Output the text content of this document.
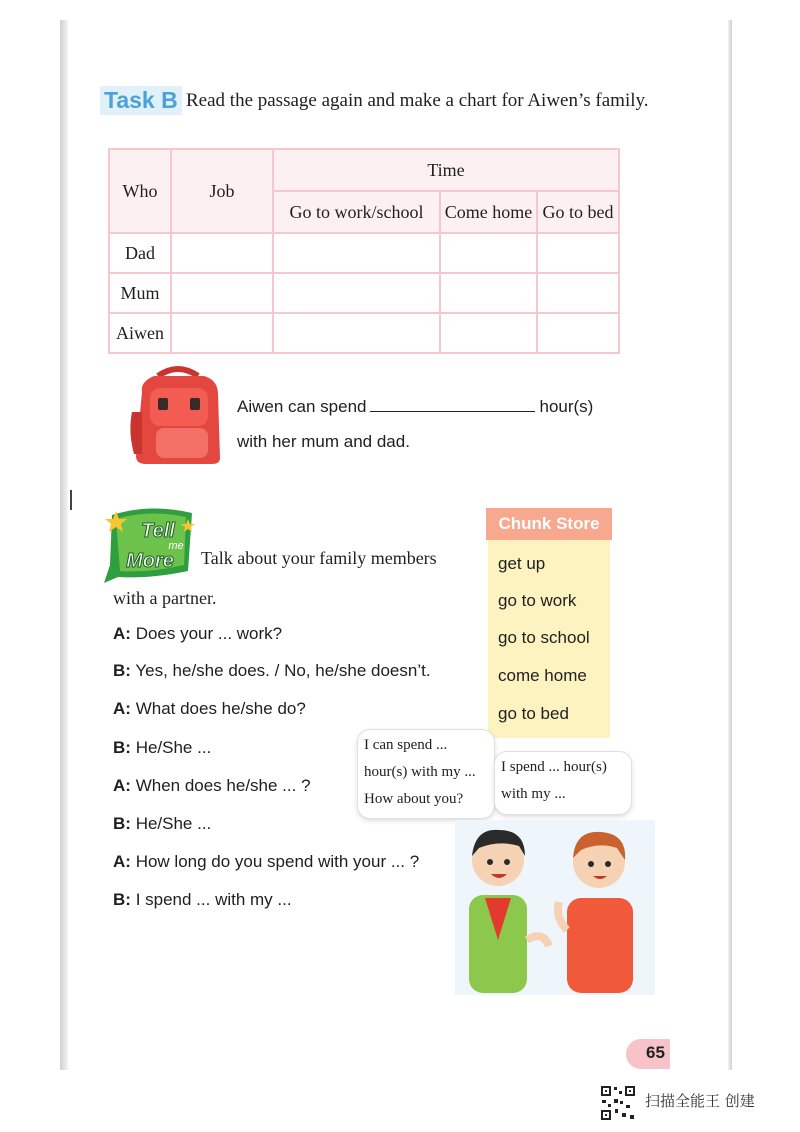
Task B Read the passage again and make a chart for Aiwen’s family.
Who	Job	Time		
		Go to work/school	Come home	Go to bed
Dad				
Mum				
Aiwen				
Aiwen can spend	hour(s)
with her mum and dad.
Tell
me
More Talk about your family members
with a partner.
A: Does your ... work?
B: Yes, he/she does. / No, he/she doesn’t.
A: What does he/she do?
B: He/She ...
A: When does he/she ... ?
B: He/She ...
A: How long do you spend with your ... ?
B: I spend ... with my ...
Chunk Store
get up
go to work
go to school
come home
go to bed
I can spend ...
hour(s) with my ...
How about you?
I spend ... hour(s)
with my ...
65
扫描全能王 创建
